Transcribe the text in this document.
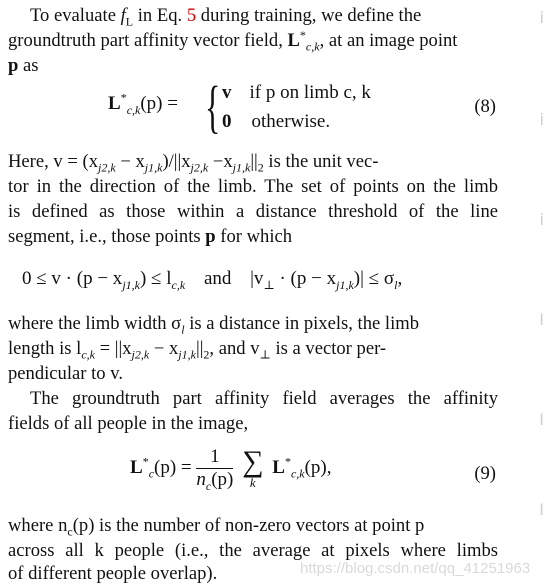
To evaluate $f_L$ in Eq. 5 during training, we define the
groundtruth part affinity vector field, $L^*_{c,k}$, at an image point
p as
$L^*_{c,k}(p)$ = { v if p on limb c, k
0 otherwise.
(8)
Here, $v = (x_{j2,k} - x_{j1,k})/||x_{j2,k} -x_{j1,k}||_2$ is the unit vec-
tor in the direction of the limb. The set of points on the limb
is defined as those within a distance threshold of the line
segment, i.e., those points p for which
$0 \le v \cdot (p - x_{j1,k}) \le l_{c,k}$ and $|v_\perp \cdot (p - x_{j1,k})| \le \sigma_l$,
where the limb width $\sigma_l$ is a distance in pixels, the limb
length is $l_{c,k} = ||x_{j2,k} - x_{j1,k}||_2$, and $v_\perp$ is a vector per-
pendicular to v.
The groundtruth part affinity field averages the affinity
fields of all people in the image,
$L^*_c(p) = \frac{1}{n_c(p)}$ ∑
k
$L^*_{c,k}(p)$,	(9)
where $n_c(p)$ is the number of non-zero vectors at point p
across all k people (i.e., the average at pixels where limbs
of different people overlap).	https://blog.csdn.net/qq_41251963
i
i
i
I
I
I
